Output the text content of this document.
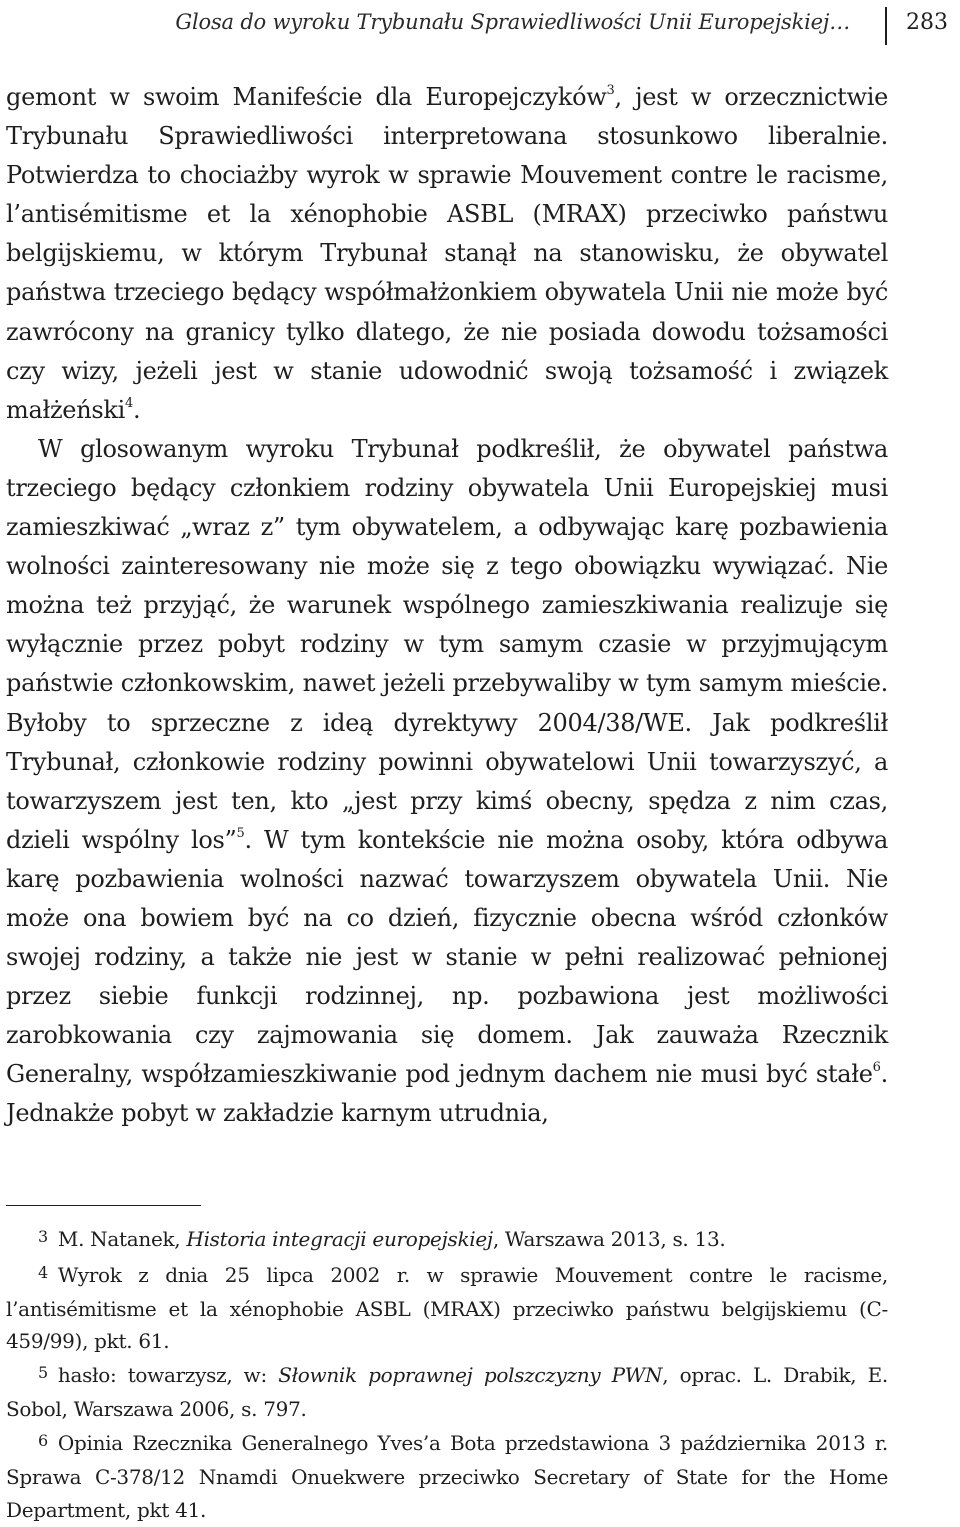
Glosa do wyroku Trybunału Sprawiedliwości Unii Europejskiej…	283

gemont w swoim Manifeście dla Europejczyków$^3$, jest w orzecznictwie Trybunału Sprawiedliwości interpretowana stosunkowo liberalnie. Potwierdza to chociażby wyrok w sprawie Mouvement contre le racisme, l’antisémitisme et la xénophobie ASBL (MRAX) przeciwko państwu belgijskiemu, w którym Trybunał stanął na stanowisku, że obywatel państwa trzeciego będący współmałżonkiem obywatela Unii nie może być zawrócony na granicy tylko dlatego, że nie posiada dowodu tożsamości czy wizy, jeżeli jest w stanie udowodnić swoją tożsamość i związek małżeński$^4$.

W glosowanym wyroku Trybunał podkreślił, że obywatel państwa trzeciego będący członkiem rodziny obywatela Unii Europejskiej musi zamieszkiwać „wraz z” tym obywatelem, a odbywając karę pozbawienia wolności zainteresowany nie może się z tego obowiązku wywiązać. Nie można też przyjąć, że warunek wspólnego zamieszkiwania realizuje się wyłącznie przez pobyt rodziny w tym samym czasie w przyjmującym państwie członkowskim, nawet jeżeli przebywaliby w tym samym mieście. Byłoby to sprzeczne z ideą dyrektywy 2004/38/WE. Jak podkreślił Trybunał, członkowie rodziny powinni obywatelowi Unii towarzyszyć, a towarzyszem jest ten, kto „jest przy kimś obecny, spędza z nim czas, dzieli wspólny los”$^5$. W tym kontekście nie można osoby, która odbywa karę pozbawienia wolności nazwać towarzyszem obywatela Unii. Nie może ona bowiem być na co dzień, fizycznie obecna wśród członków swojej rodziny, a także nie jest w stanie w pełni realizować pełnionej przez siebie funkcji rodzinnej, np. pozbawiona jest możliwości zarobkowania czy zajmowania się domem. Jak zauważa Rzecznik Generalny, współzamieszkiwanie pod jednym dachem nie musi być stałe$^6$. Jednakże pobyt w zakładzie karnym utrudnia,

$^3$ M. Natanek, Historia integracji europejskiej, Warszawa 2013, s. 13.

$^4$ Wyrok z dnia 25 lipca 2002 r. w sprawie Mouvement contre le racisme, l’antisémitisme et la xénophobie ASBL (MRAX) przeciwko państwu belgijskiemu (C-459/99), pkt. 61.

$^5$ hasło: towarzysz, w: Słownik poprawnej polszczyzny PWN, oprac. L. Drabik, E. Sobol, Warszawa 2006, s. 797.

$^6$ Opinia Rzecznika Generalnego Yves’a Bota przedstawiona 3 października 2013 r. Sprawa C-378/12 Nnamdi Onuekwere przeciwko Secretary of State for the Home Department, pkt 41.
